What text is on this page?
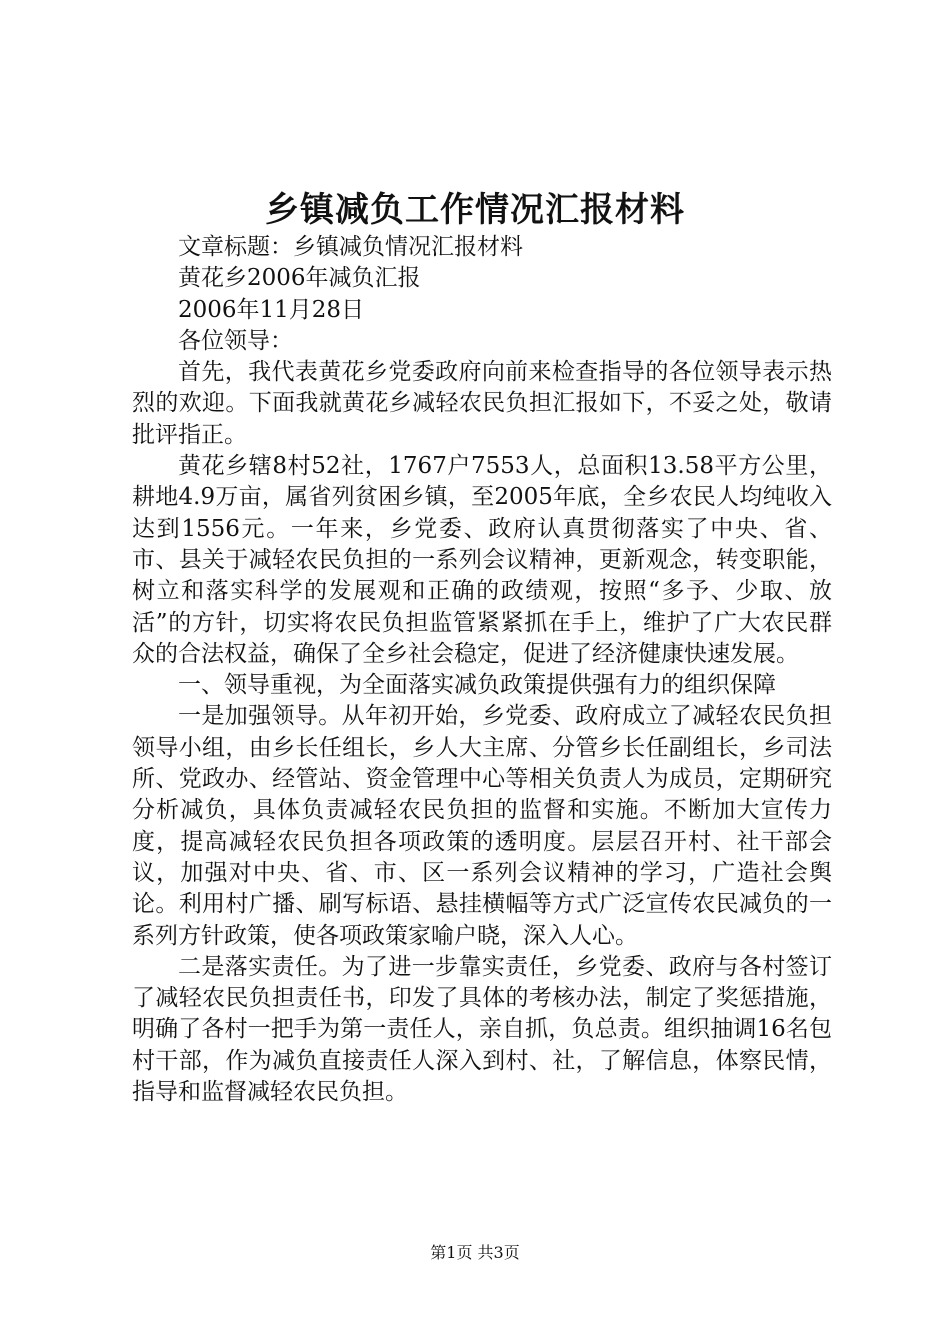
乡镇减负工作情况汇报材料

文章标题：乡镇减负情况汇报材料

黄花乡2006年减负汇报

2006年11月28日

各位领导：

首先，我代表黄花乡党委政府向前来检查指导的各位领导表示热烈的欢迎。下面我就黄花乡减轻农民负担汇报如下，不妥之处，敬请批评指正。

黄花乡辖8村52社，1767户7553人，总面积13.58平方公里，耕地4.9万亩，属省列贫困乡镇，至2005年底，全乡农民人均纯收入达到1556元。一年来，乡党委、政府认真贯彻落实了中央、省、市、县关于减轻农民负担的一系列会议精神，更新观念，转变职能，树立和落实科学的发展观和正确的政绩观，按照“多予、少取、放活”的方针，切实将农民负担监管紧紧抓在手上，维护了广大农民群众的合法权益，确保了全乡社会稳定，促进了经济健康快速发展。

一、领导重视，为全面落实减负政策提供强有力的组织保障

一是加强领导。从年初开始，乡党委、政府成立了减轻农民负担领导小组，由乡长任组长，乡人大主席、分管乡长任副组长，乡司法所、党政办、经管站、资金管理中心等相关负责人为成员，定期研究分析减负，具体负责减轻农民负担的监督和实施。不断加大宣传力度，提高减轻农民负担各项政策的透明度。层层召开村、社干部会议，加强对中央、省、市、区一系列会议精神的学习，广造社会舆论。利用村广播、刷写标语、悬挂横幅等方式广泛宣传农民减负的一系列方针政策，使各项政策家喻户晓，深入人心。

二是落实责任。为了进一步靠实责任，乡党委、政府与各村签订了减轻农民负担责任书，印发了具体的考核办法，制定了奖惩措施，明确了各村一把手为第一责任人，亲自抓，负总责。组织抽调16名包村干部，作为减负直接责任人深入到村、社，了解信息，体察民情，指导和监督减轻农民负担。

第1页 共3页
